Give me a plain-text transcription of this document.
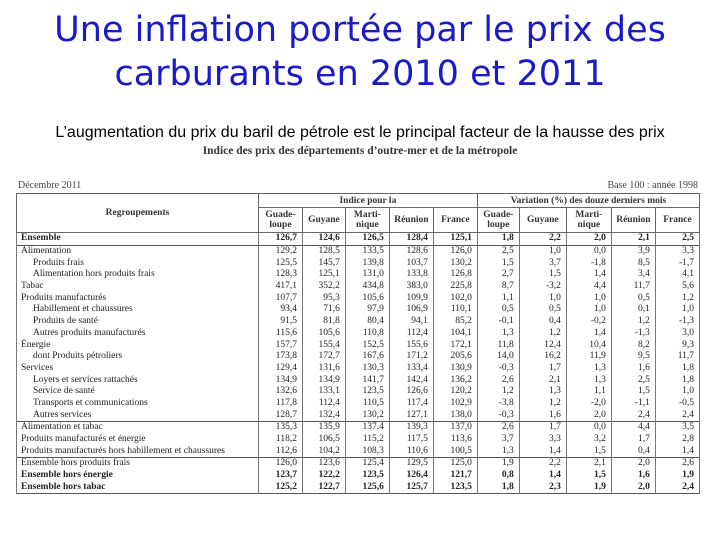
Une inflation portée par le prix des
carburants en 2010 et 2011
L’augmentation du prix du baril de pétrole est le principal facteur de la hausse des prix
Indice des prix des départements d’outre-mer et de la métropole
Décembre 2011	Base 100 : année 1998
Regroupements	Indice pour la					Variation (%) des douze derniers mois				
	Guade-loupe	Guyane	Marti-nique	Réunion	France	Guade-loupe	Guyane	Marti-nique	Réunion	France
Ensemble	126,7	124,6	126,5	128,4	125,1	1,8	2,2	2,0	2,1	2,5
Alimentation	129,2	128,5	133,5	128,6	126,0	2,5	1,0	0,0	3,9	3,3
Produits frais	125,5	145,7	139,8	103,7	130,2	1,5	3,7	-1,8	8,5	-1,7
Alimentation hors produits frais	128,3	125,1	131,0	133,8	126,8	2,7	1,5	1,4	3,4	4,1
Tabac	417,1	352,2	434,8	383,0	225,8	8,7	-3,2	4,4	11,7	5,6
Produits manufacturés	107,7	95,3	105,6	109,9	102,0	1,1	1,0	1,0	0,5	1,2
Habillement et chaussures	93,4	71,6	97,9	106,9	110,1	0,5	0,5	1,0	0,1	1,0
Produits de santé	91,5	81,8	80,4	94,1	85,2	-0,1	0,4	-0,2	1,2	-1,3
Autres produits manufacturés	115,6	105,6	110,8	112,4	104,1	1,3	1,2	1,4	-1,3	3,0
Énergie	157,7	155,4	152,5	155,6	172,1	11,8	12,4	10,4	8,2	9,3
dont Produits pétroliers	173,8	172,7	167,6	171,2	205,6	14,0	16,2	11,9	9,5	11,7
Services	129,4	131,6	130,3	133,4	130,9	-0,3	1,7	1,3	1,6	1,8
Loyers et services rattachés	134,9	134,9	141,7	142,4	136,2	2,6	2,1	1,3	2,5	1,8
Service de santé	132,6	133,1	123,5	126,6	120,2	1,2	1,3	1,1	1,5	1,0
Transports et communications	117,8	112,4	110,5	117,4	102,9	-3,8	1,2	-2,0	-1,1	-0,5
Autres services	128,7	132,4	130,2	127,1	138,0	-0,3	1,6	2,0	2,4	2,4
Alimentation et tabac	135,3	135,9	137,4	139,3	137,0	2,6	1,7	0,0	4,4	3,5
Produits manufacturés et énergie	118,2	106,5	115,2	117,5	113,6	3,7	3,3	3,2	1,7	2,8
Produits manufacturés hors habillement et chaussures	112,6	104,2	108,3	110,6	100,5	1,3	1,4	1,5	0,4	1,4
Ensemble hors produits frais	126,0	123,6	125,4	129,5	125,0	1,9	2,2	2,1	2,0	2,6
Ensemble hors énergie	123,7	122,2	123,5	126,4	121,7	0,8	1,4	1,5	1,6	1,9
Ensemble hors tabac	125,2	122,7	125,6	125,7	123,5	1,8	2,3	1,9	2,0	2,4
